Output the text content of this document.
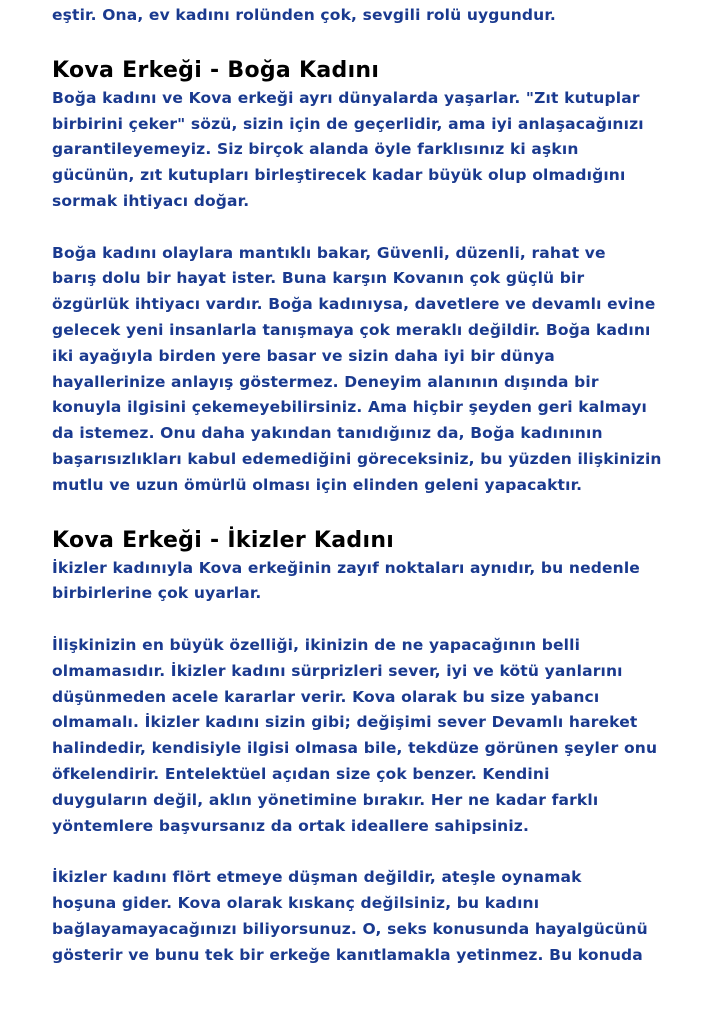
eştir. Ona, ev kadını rolünden çok, sevgili rolü uygundur.
Kova Erkeği - Boğa Kadını
Boğa kadını ve Kova erkeği ayrı dünyalarda yaşarlar. "Zıt kutuplar
birbirini çeker" sözü, sizin için de geçerlidir, ama iyi anlaşacağınızı
garantileyemeyiz. Siz birçok alanda öyle farklısınız ki aşkın
gücünün, zıt kutupları birleştirecek kadar büyük olup olmadığını
sormak ihtiyacı doğar.
Boğa kadını olaylara mantıklı bakar, Güvenli, düzenli, rahat ve
barış dolu bir hayat ister. Buna karşın Kovanın çok güçlü bir
özgürlük ihtiyacı vardır. Boğa kadınıysa, davetlere ve devamlı evine
gelecek yeni insanlarla tanışmaya çok meraklı değildir. Boğa kadını
iki ayağıyla birden yere basar ve sizin daha iyi bir dünya
hayallerinize anlayış göstermez. Deneyim alanının dışında bir
konuyla ilgisini çekemeyebilirsiniz. Ama hiçbir şeyden geri kalmayı
da istemez. Onu daha yakından tanıdığınız da, Boğa kadınının
başarısızlıkları kabul edemediğini göreceksiniz, bu yüzden ilişkinizin
mutlu ve uzun ömürlü olması için elinden geleni yapacaktır.
Kova Erkeği - İkizler Kadını
İkizler kadınıyla Kova erkeğinin zayıf noktaları aynıdır, bu nedenle
birbirlerine çok uyarlar.
İlişkinizin en büyük özelliği, ikinizin de ne yapacağının belli
olmamasıdır. İkizler kadını sürprizleri sever, iyi ve kötü yanlarını
düşünmeden acele kararlar verir. Kova olarak bu size yabancı
olmamalı. İkizler kadını sizin gibi; değişimi sever Devamlı hareket
halindedir, kendisiyle ilgisi olmasa bile, tekdüze görünen şeyler onu
öfkelendirir. Entelektüel açıdan size çok benzer. Kendini
duyguların değil, aklın yönetimine bırakır. Her ne kadar farklı
yöntemlere başvursanız da ortak ideallere sahipsiniz.
İkizler kadını flört etmeye düşman değildir, ateşle oynamak
hoşuna gider. Kova olarak kıskanç değilsiniz, bu kadını
bağlayamayacağınızı biliyorsunuz. O, seks konusunda hayalgücünü
gösterir ve bunu tek bir erkeğe kanıtlamakla yetinmez. Bu konuda
